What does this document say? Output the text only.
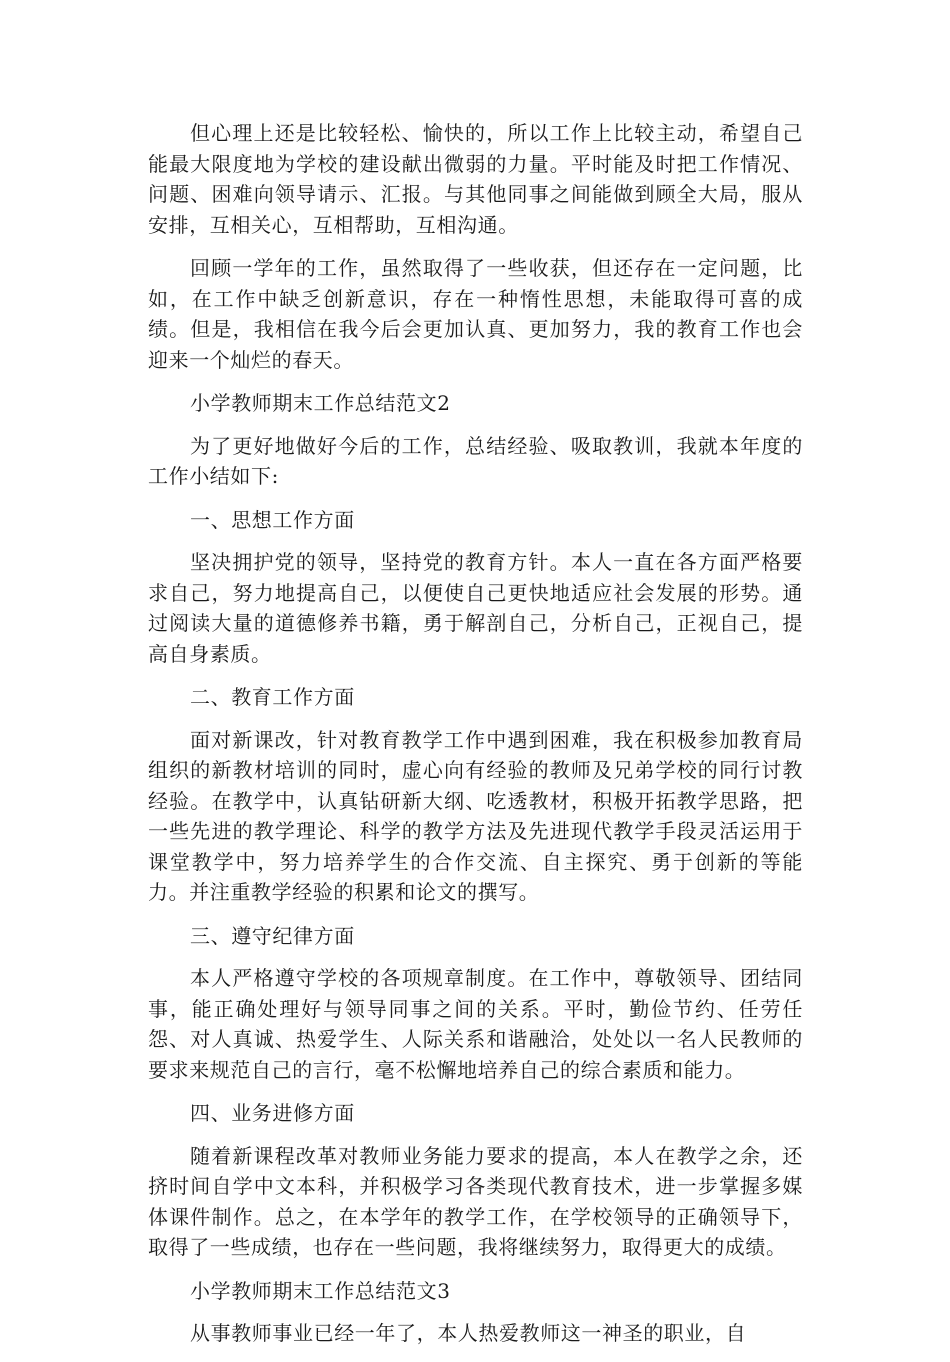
但心理上还是比较轻松、愉快的，所以工作上比较主动，希望自己能最大限度地为学校的建设献出微弱的力量。平时能及时把工作情况、问题、困难向领导请示、汇报。与其他同事之间能做到顾全大局，服从安排，互相关心，互相帮助，互相沟通。

回顾一学年的工作，虽然取得了一些收获，但还存在一定问题，比如，在工作中缺乏创新意识，存在一种惰性思想，未能取得可喜的成绩。但是，我相信在我今后会更加认真、更加努力，我的教育工作也会迎来一个灿烂的春天。

小学教师期末工作总结范文2

为了更好地做好今后的工作，总结经验、吸取教训，我就本年度的工作小结如下:

一、思想工作方面

坚决拥护党的领导，坚持党的教育方针。本人一直在各方面严格要求自己，努力地提高自己，以便使自己更快地适应社会发展的形势。通过阅读大量的道德修养书籍，勇于解剖自己，分析自己，正视自己，提高自身素质。

二、教育工作方面

面对新课改，针对教育教学工作中遇到困难，我在积极参加教育局组织的新教材培训的同时，虚心向有经验的教师及兄弟学校的同行讨教经验。在教学中，认真钻研新大纲、吃透教材，积极开拓教学思路，把一些先进的教学理论、科学的教学方法及先进现代教学手段灵活运用于课堂教学中，努力培养学生的合作交流、自主探究、勇于创新的等能力。并注重教学经验的积累和论文的撰写。

三、遵守纪律方面

本人严格遵守学校的各项规章制度。在工作中，尊敬领导、团结同事，能正确处理好与领导同事之间的关系。平时，勤俭节约、任劳任怨、对人真诚、热爱学生、人际关系和谐融洽，处处以一名人民教师的要求来规范自己的言行，毫不松懈地培养自己的综合素质和能力。

四、业务进修方面

随着新课程改革对教师业务能力要求的提高，本人在教学之余，还挤时间自学中文本科，并积极学习各类现代教育技术，进一步掌握多媒体课件制作。总之，在本学年的教学工作，在学校领导的正确领导下，取得了一些成绩，也存在一些问题，我将继续努力，取得更大的成绩。

小学教师期末工作总结范文3

从事教师事业已经一年了，本人热爱教师这一神圣的职业，自
